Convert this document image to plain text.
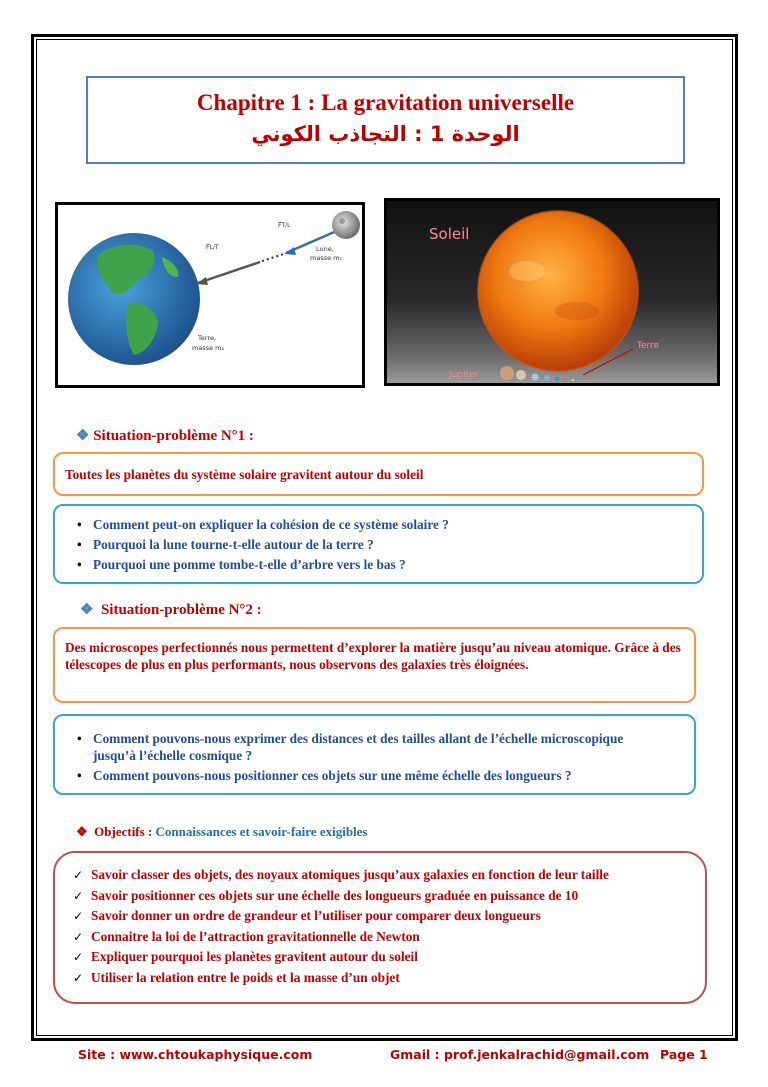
Chapitre 1 : La gravitation universelle
الوحدة 1 : التجاذب الكوني
F⃗T/L
F⃗L/T	Lune,
masse m₁
Terre,
masse m₂
Soleil
Terre
Jupiter
❖ Situation-problème N°1 :
Toutes les planètes du système solaire gravitent autour du soleil
• Comment peut-on expliquer la cohésion de ce système solaire ?
• Pourquoi la lune tourne-t-elle autour de la terre ?
• Pourquoi une pomme tombe-t-elle d’arbre vers le bas ?
❖ Situation-problème N°2 :
Des microscopes perfectionnés nous permettent d’explorer la matière jusqu’au niveau atomique. Grâce à des télescopes de plus en plus performants, nous observons des galaxies très éloignées.
• Comment pouvons-nous exprimer des distances et des tailles allant de l’échelle microscopique jusqu’à l’échelle cosmique ?
• Comment pouvons-nous positionner ces objets sur une même échelle des longueurs ?
❖ Objectifs : Connaissances et savoir-faire exigibles
✓ Savoir classer des objets, des noyaux atomiques jusqu’aux galaxies en fonction de leur taille
✓ Savoir positionner ces objets sur une échelle des longueurs graduée en puissance de 10
✓ Savoir donner un ordre de grandeur et l’utiliser pour comparer deux longueurs
✓ Connaitre la loi de l’attraction gravitationnelle de Newton
✓ Expliquer pourquoi les planètes gravitent autour du soleil
✓ Utiliser la relation entre le poids et la masse d’un objet
Site : www.chtoukaphysique.com	Gmail : prof.jenkalrachid@gmail.com Page 1
